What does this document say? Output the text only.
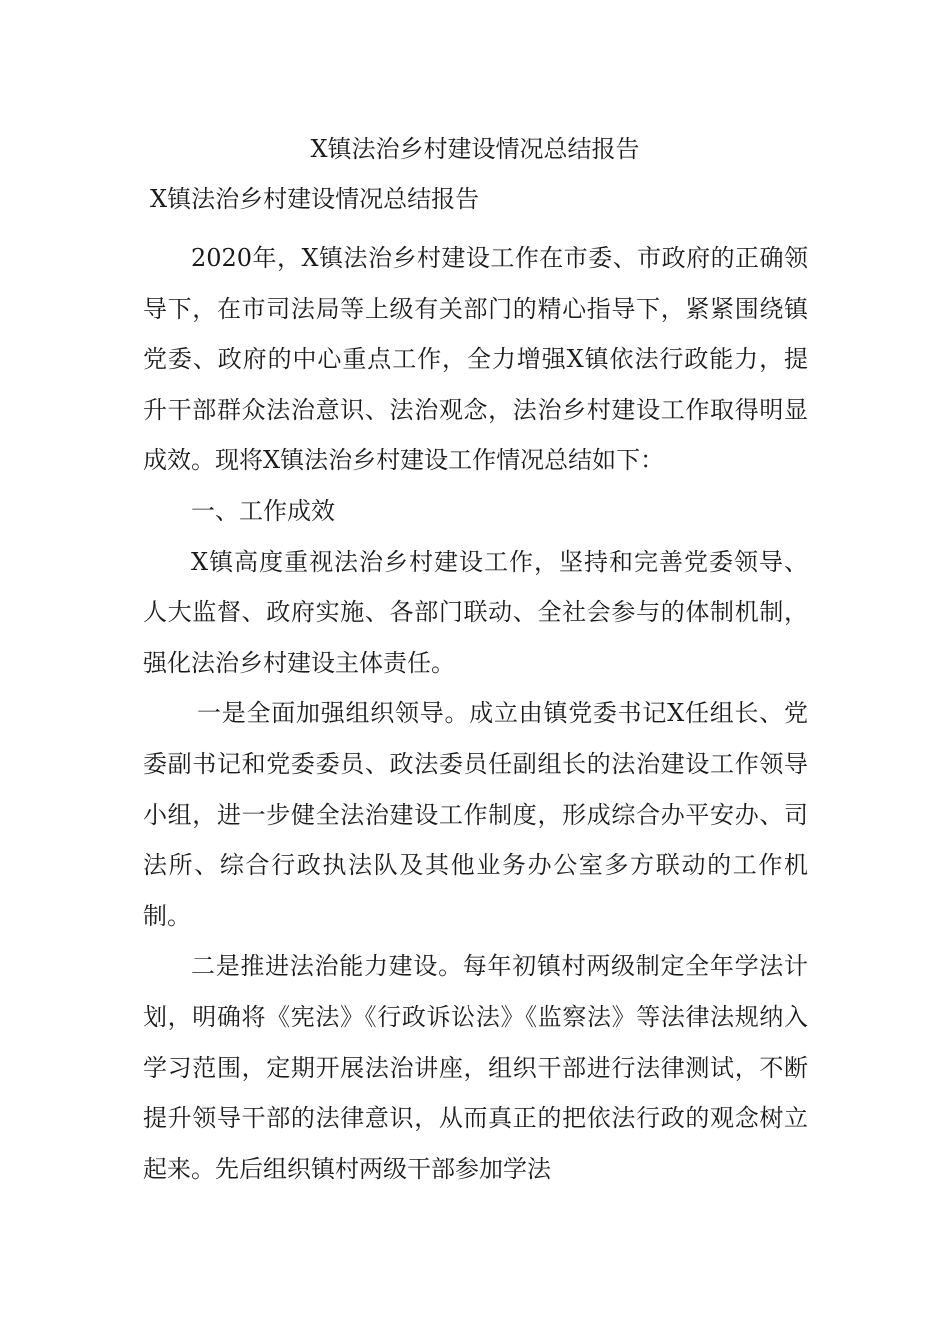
X镇法治乡村建设情况总结报告
X镇法治乡村建设情况总结报告

2020年，X镇法治乡村建设工作在市委、市政府的正确领导下，在市司法局等上级有关部门的精心指导下，紧紧围绕镇党委、政府的中心重点工作，全力增强X镇依法行政能力，提升干部群众法治意识、法治观念，法治乡村建设工作取得明显成效。现将X镇法治乡村建设工作情况总结如下：

一、工作成效

X镇高度重视法治乡村建设工作，坚持和完善党委领导、人大监督、政府实施、各部门联动、全社会参与的体制机制，强化法治乡村建设主体责任。

一是全面加强组织领导。成立由镇党委书记X任组长、党委副书记和党委委员、政法委员任副组长的法治建设工作领导小组，进一步健全法治建设工作制度，形成综合办平安办、司法所、综合行政执法队及其他业务办公室多方联动的工作机制。

二是推进法治能力建设。每年初镇村两级制定全年学法计划，明确将《宪法》《行政诉讼法》《监察法》等法律法规纳入学习范围，定期开展法治讲座，组织干部进行法律测试，不断提升领导干部的法律意识，从而真正的把依法行政的观念树立起来。先后组织镇村两级干部参加学法
